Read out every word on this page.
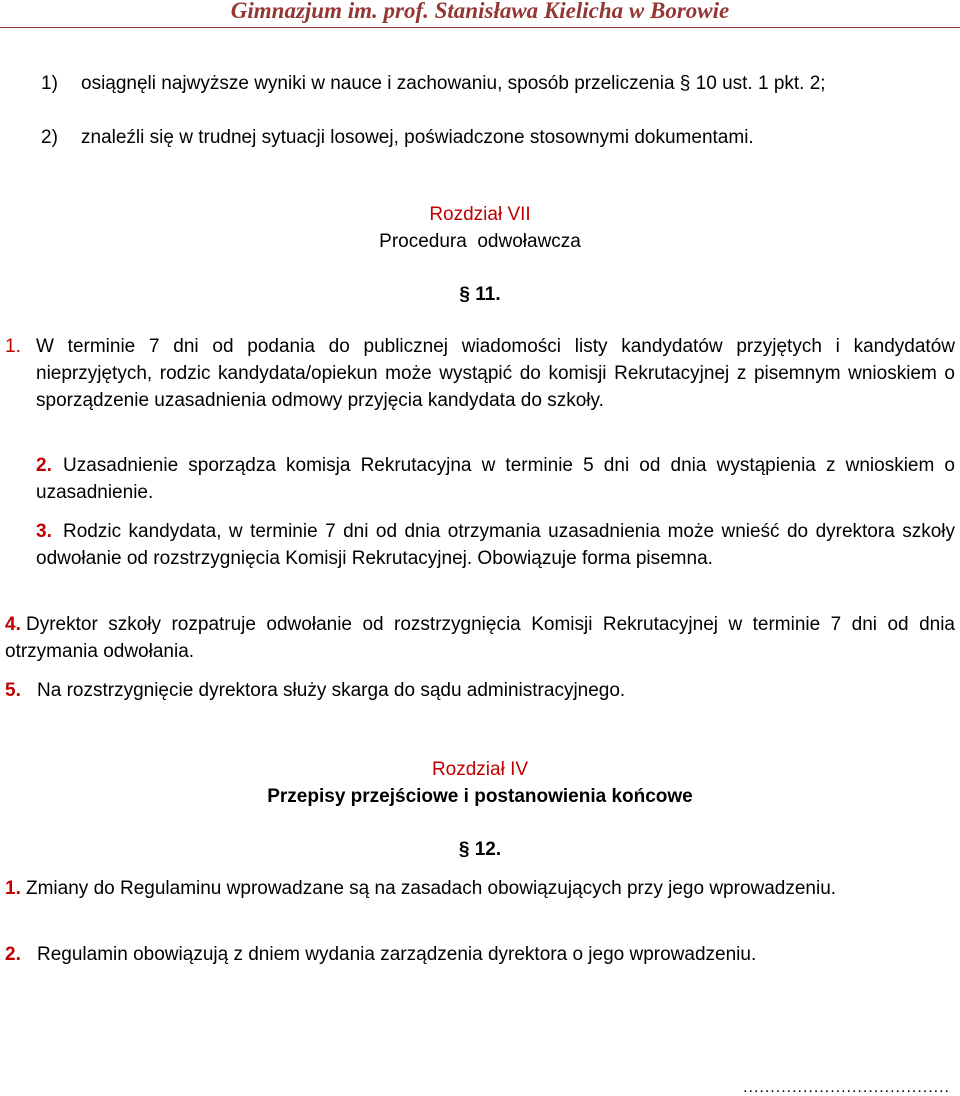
Gimnazjum im. prof. Stanisława Kielicha w Borowie
1) osiągnęli najwyższe wyniki w nauce i zachowaniu, sposób przeliczenia § 10 ust. 1 pkt. 2;
2) znaleźli się w trudnej sytuacji losowej, poświadczone stosownymi dokumentami.
Rozdział VII
Procedura  odwoławcza
§ 11.
1. W terminie 7 dni od podania do publicznej wiadomości listy kandydatów przyjętych i kandydatów nieprzyjętych, rodzic kandydata/opiekun może wystąpić do komisji Rekrutacyjnej z pisemnym wnioskiem o sporządzenie uzasadnienia odmowy przyjęcia kandydata do szkoły.
2. Uzasadnienie sporządza komisja Rekrutacyjna w terminie 5 dni od dnia wystąpienia z wnioskiem o uzasadnienie.
3. Rodzic kandydata, w terminie 7 dni od dnia otrzymania uzasadnienia może wnieść do dyrektora szkoły odwołanie od rozstrzygnięcia Komisji Rekrutacyjnej. Obowiązuje forma pisemna.
4. Dyrektor szkoły rozpatruje odwołanie od rozstrzygnięcia Komisji Rekrutacyjnej w terminie 7 dni od dnia otrzymania odwołania.
5. Na rozstrzygnięcie dyrektora służy skarga do sądu administracyjnego.
Rozdział IV
Przepisy przejściowe i postanowienia końcowe
§ 12.
1. Zmiany do Regulaminu wprowadzane są na zasadach obowiązujących przy jego wprowadzeniu.
2. Regulamin obowiązują z dniem wydania zarządzenia dyrektora o jego wprowadzeniu.
......................................
